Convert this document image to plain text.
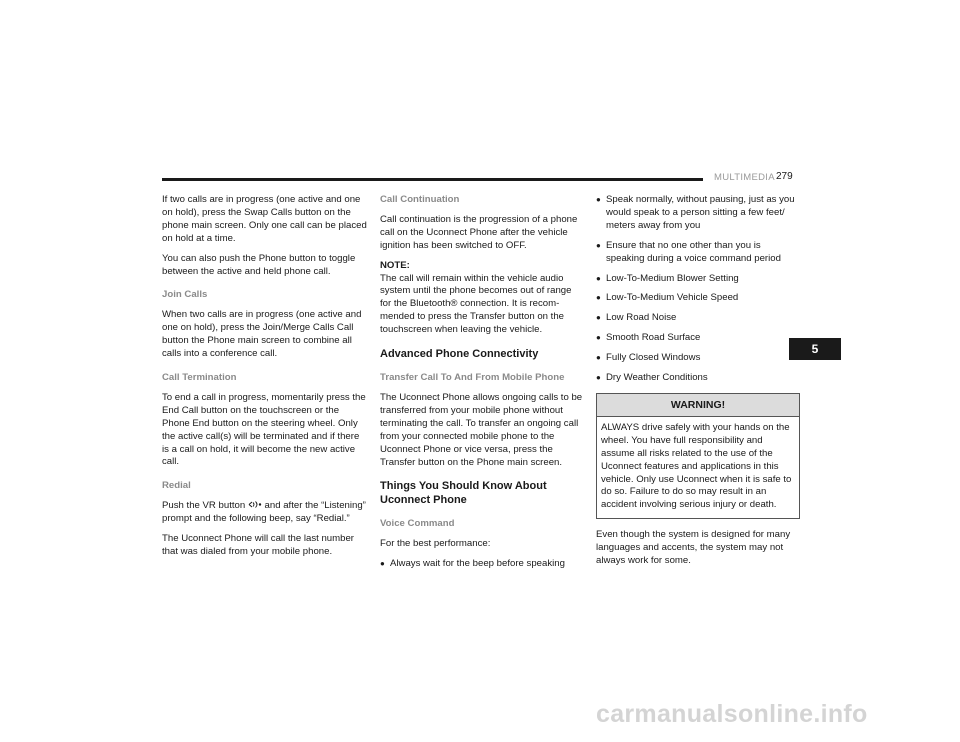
MULTIMEDIA 279

If two calls are in progress (one active and one on hold), press the Swap Calls button on the phone main screen. Only one call can be placed on hold at a time.

You can also push the Phone button to toggle between the active and held phone call.

Join Calls

When two calls are in progress (one active and one on hold), press the Join/Merge Calls Call button the Phone main screen to combine all calls into a conference call.

Call Termination

To end a call in progress, momentarily press the End Call button on the touchscreen or the Phone End button on the steering wheel. Only the active call(s) will be terminated and if there is a call on hold, it will become the new active call.

Redial

Push the VR button and after the “Listening” prompt and the following beep, say “Redial.”

The Uconnect Phone will call the last number that was dialed from your mobile phone.

Call Continuation

Call continuation is the progression of a phone call on the Uconnect Phone after the vehicle ignition has been switched to OFF.

NOTE:
The call will remain within the vehicle audio system until the phone becomes out of range for the Bluetooth® connection. It is recom-mended to press the Transfer button on the touchscreen when leaving the vehicle.

Advanced Phone Connectivity
Transfer Call To And From Mobile Phone

The Uconnect Phone allows ongoing calls to be transferred from your mobile phone without terminating the call. To transfer an ongoing call from your connected mobile phone to the Uconnect Phone or vice versa, press the Transfer button on the Phone main screen.

Things You Should Know About Uconnect Phone
Voice Command

For the best performance:

● Always wait for the beep before speaking
● Speak normally, without pausing, just as you would speak to a person sitting a few feet/ meters away from you
● Ensure that no one other than you is speaking during a voice command period
● Low-To-Medium Blower Setting
● Low-To-Medium Vehicle Speed
● Low Road Noise
● Smooth Road Surface
● Fully Closed Windows
● Dry Weather Conditions
WARNING!
ALWAYS drive safely with your hands on the wheel. You have full responsibility and assume all risks related to the use of the Uconnect features and applications in this vehicle. Only use Uconnect when it is safe to do so. Failure to do so may result in an accident involving serious injury or death.

Even though the system is designed for many languages and accents, the system may not always work for some.

5
carmanualsonline.info
